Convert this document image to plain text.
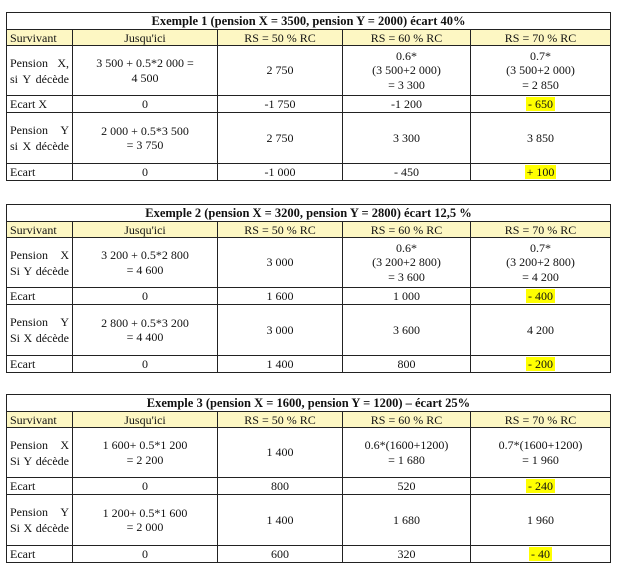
Exemple 1 (pension X = 3500, pension Y = 2000) écart 40%				
Survivant	Jusqu'ici	RS = 50 % RC	RS = 60 % RC	RS = 70 % RC

Pension X, si Y décède	3 500 + 0.5*2 000 =
4 500	2 750	0.6*
(3 500+2 000)
= 3 300	0.7*
(3 500+2 000)
= 2 850
Ecart X	0	-1 750	-1 200	- 650

Pension Y si X décède	2 000 + 0.5*3 500
= 3 750	2 750	3 300	3 850
Ecart	0	-1 000	- 450	+ 100
Exemple 2 (pension X = 3200, pension Y = 2800) écart 12,5 %				
Survivant	Jusqu'ici	RS = 50 % RC	RS = 60 % RC	RS = 70 % RC

Pension X Si Y décède	3 200 + 0.5*2 800
= 4 600	3 000	0.6*
(3 200+2 800)
= 3 600	0.7*
(3 200+2 800)
= 4 200
Ecart	0	1 600	1 000	- 400

Pension Y Si X décède	2 800 + 0.5*3 200
= 4 400	3 000	3 600	4 200
Ecart	0	1 400	800	- 200
Exemple 3 (pension X = 1600, pension Y = 1200) – écart 25%				
Survivant	Jusqu'ici	RS = 50 % RC	RS = 60 % RC	RS = 70 % RC

Pension X Si Y décède	1 600+ 0.5*1 200
= 2 200	1 400	0.6*(1600+1200)
= 1 680	0.7*(1600+1200)
= 1 960
Ecart	0	800	520	- 240

Pension Y Si X décède	1 200+ 0.5*1 600
= 2 000	1 400	1 680	1 960
Ecart	0	600	320	- 40
